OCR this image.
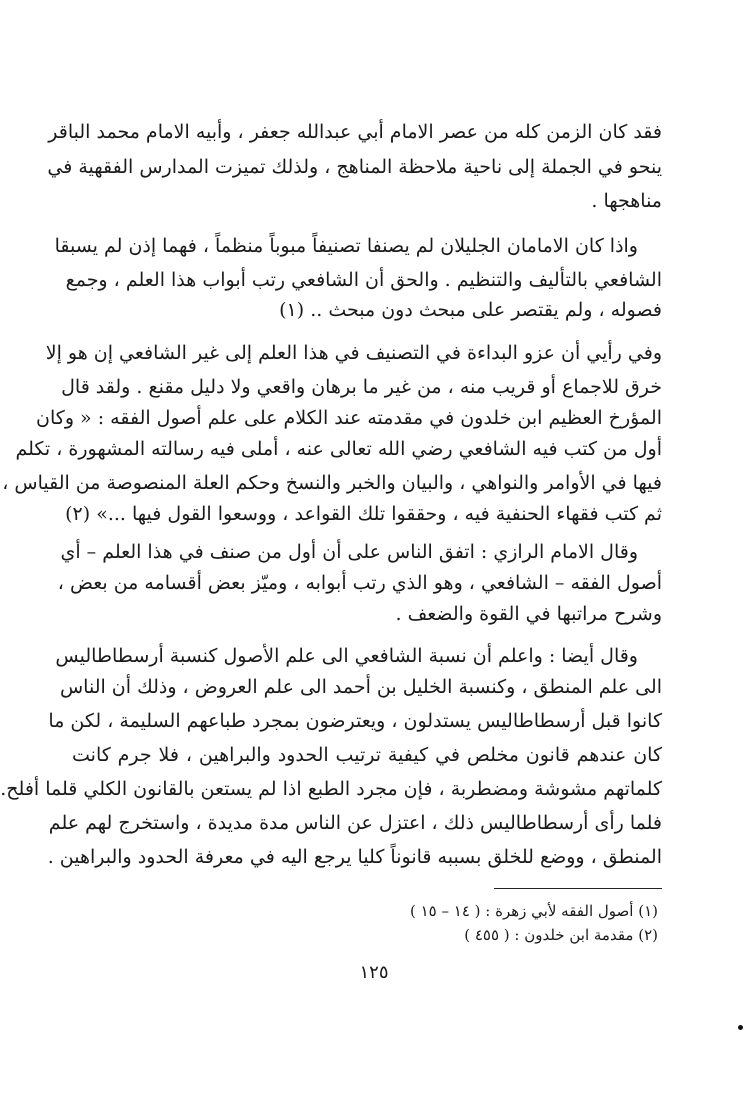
فقد كان الزمن كله من عصر الامام أبي عبدالله جعفر ، وأبيه الامام محمد الباقر
ينحو في الجملة إلى ناحية ملاحظة المناهج ، ولذلك تميزت المدارس الفقهية في
مناهجها .
واذا كان الامامان الجليلان لم يصنفا تصنيفاً مبوباً منظماً ، فهما إذن لم يسبقا
الشافعي بالتأليف والتنظيم . والحق أن الشافعي رتب أبواب هذا العلم ، وجمع
فصوله ، ولم يقتصر على مبحث دون مبحث .. (١)
وفي رأيي أن عزو البداءة في التصنيف في هذا العلم إلى غير الشافعي إن هو إلا
خرق للاجماع أو قريب منه ، من غير ما برهان واقعي ولا دليل مقنع . ولقد قال
المؤرخ العظيم ابن خلدون في مقدمته عند الكلام على علم أصول الفقه : « وكان
أول من كتب فيه الشافعي رضي الله تعالى عنه ، أملى فيه رسالته المشهورة ، تكلم
فيها في الأوامر والنواهي ، والبيان والخبر والنسخ وحكم العلة المنصوصة من القياس ،
ثم كتب فقهاء الحنفية فيه ، وحققوا تلك القواعد ، ووسعوا القول فيها ...» (٢)
وقال الامام الرازي : اتفق الناس على أن أول من صنف في هذا العلم – أي
أصول الفقه – الشافعي ، وهو الذي رتب أبوابه ، وميّز بعض أقسامه من بعض ،
وشرح مراتبها في القوة والضعف .
وقال أيضا : واعلم أن نسبة الشافعي الى علم الأصول كنسبة أرسطاطاليس
الى علم المنطق ، وكنسبة الخليل بن أحمد الى علم العروض ، وذلك أن الناس
كانوا قبل أرسطاطاليس يستدلون ، ويعترضون بمجرد طباعهم السليمة ، لكن ما
كان عندهم قانون مخلص في كيفية ترتيب الحدود والبراهين ، فلا جرم كانت
كلماتهم مشوشة ومضطربة ، فإن مجرد الطبع اذا لم يستعن بالقانون الكلي قلما أفلح.
فلما رأى أرسطاطاليس ذلك ، اعتزل عن الناس مدة مديدة ، واستخرج لهم علم
المنطق ، ووضع للخلق بسببه قانوناً كليا يرجع اليه في معرفة الحدود والبراهين .
(١) أصول الفقه لأبي زهرة : ( ١٤ – ١٥ )
(٢) مقدمة ابن خلدون : ( ٤٥٥ )
١٢٥
